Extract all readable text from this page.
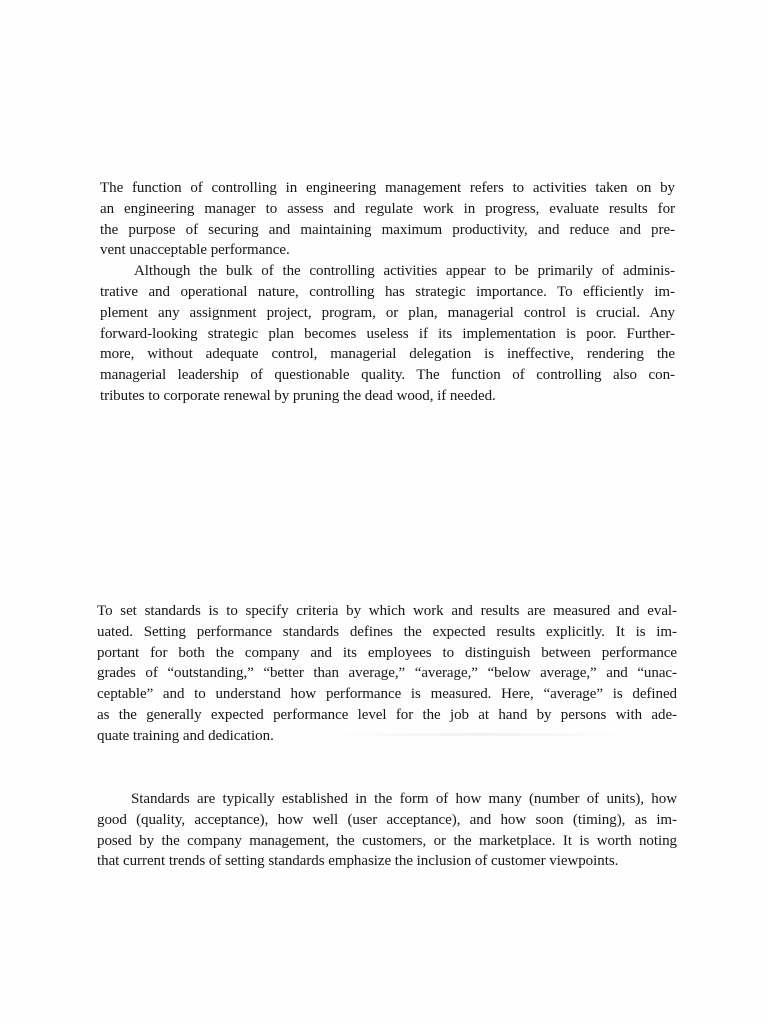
The function of controlling in engineering management refers to activities taken on by
an engineering manager to assess and regulate work in progress, evaluate results for
the purpose of securing and maintaining maximum productivity, and reduce and pre-
vent unacceptable performance.
Although the bulk of the controlling activities appear to be primarily of adminis-
trative and operational nature, controlling has strategic importance. To efficiently im-
plement any assignment project, program, or plan, managerial control is crucial. Any
forward-looking strategic plan becomes useless if its implementation is poor. Further-
more, without adequate control, managerial delegation is ineffective, rendering the
managerial leadership of questionable quality. The function of controlling also con-
tributes to corporate renewal by pruning the dead wood, if needed.
To set standards is to specify criteria by which work and results are measured and eval-
uated. Setting performance standards defines the expected results explicitly. It is im-
portant for both the company and its employees to distinguish between performance
grades of “outstanding,” “better than average,” “average,” “below average,” and “unac-
ceptable” and to understand how performance is measured. Here, “average” is defined
as the generally expected performance level for the job at hand by persons with ade-
quate training and dedication.
Standards are typically established in the form of how many (number of units), how
good (quality, acceptance), how well (user acceptance), and how soon (timing), as im-
posed by the company management, the customers, or the marketplace. It is worth noting
that current trends of setting standards emphasize the inclusion of customer viewpoints.
